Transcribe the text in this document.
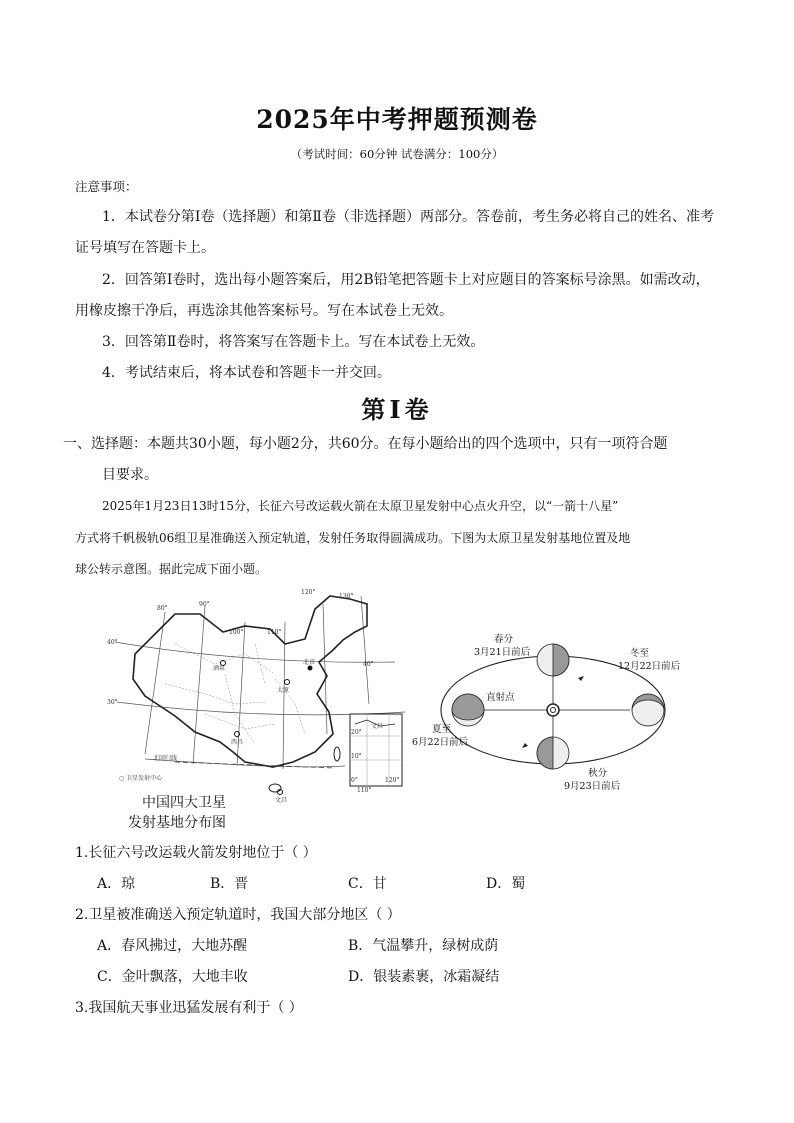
2025年中考押题预测卷
（考试时间：60分钟 试卷满分：100分）
注意事项：
1．本试卷分第Ⅰ卷（选择题）和第Ⅱ卷（非选择题）两部分。答卷前，考生务必将自己的姓名、准考
证号填写在答题卡上。
2．回答第Ⅰ卷时，选出每小题答案后，用2B铅笔把答题卡上对应题目的答案标号涂黑。如需改动，
用橡皮擦干净后，再选涂其他答案标号。写在本试卷上无效。
3．回答第Ⅱ卷时，将答案写在答题卡上。写在本试卷上无效。
4．考试结束后，将本试卷和答题卡一并交回。
第Ⅰ卷
一、选择题：本题共30小题，每小题2分，共60分。在每小题给出的四个选项中，只有一项符合题
目要求。
2025年1月23日13时15分，长征六号改运载火箭在太原卫星发射中心点火升空，以“一箭十八星”
方式将千帆极轨06组卫星准确送入预定轨道，发射任务取得圆满成功。下图为太原卫星发射基地位置及地
球公转示意图。据此完成下面小题。
20°
10°
0°
110°
120°
文昌
80°
90°
100°	110°
120°
130°
40°
30°
40°
酒泉
北京
太原
西昌
文昌
北回归线
○ 卫星发射中心
中国四大卫星
发射基地分布图
春分
3月21日前后	冬至
12月22日前后
直射点
夏至
6月22日前后
秋分
9月23日前后
1.长征六号改运载火箭发射地位于（ ）
A．琼	B．晋	C．甘	D．蜀
2.卫星被准确送入预定轨道时，我国大部分地区（ ）
A．春风拂过，大地苏醒	B．气温攀升，绿树成荫
C．金叶飘落，大地丰收	D．银装素裹，冰霜凝结
3.我国航天事业迅猛发展有利于（ ）
